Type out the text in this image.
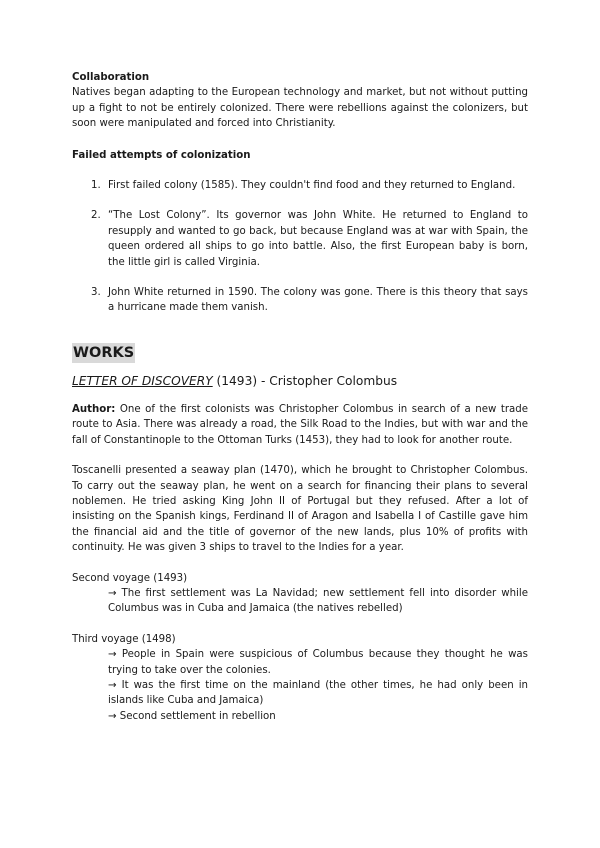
Collaboration

Natives began adapting to the European technology and market, but not without putting up a fight to not be entirely colonized. There were rebellions against the colonizers, but soon were manipulated and forced into Christianity.

Failed attempts of colonization

1. First failed colony (1585). They couldn't find food and they returned to England.
2. “The Lost Colony”. Its governor was John White. He returned to England to resupply and wanted to go back, but because England was at war with Spain, the queen ordered all ships to go into battle. Also, the first European baby is born, the little girl is called Virginia.
3. John White returned in 1590. The colony was gone. There is this theory that says a hurricane made them vanish.

WORKS

LETTER OF DISCOVERY (1493) - Cristopher Colombus

Author: One of the first colonists was Christopher Colombus in search of a new trade route to Asia. There was already a road, the Silk Road to the Indies, but with war and the fall of Constantinople to the Ottoman Turks (1453), they had to look for another route.

Toscanelli presented a seaway plan (1470), which he brought to Christopher Colombus. To carry out the seaway plan, he went on a search for financing their plans to several noblemen. He tried asking King John II of Portugal but they refused. After a lot of insisting on the Spanish kings, Ferdinand II of Aragon and Isabella I of Castille gave him the financial aid and the title of governor of the new lands, plus 10% of profits with continuity. He was given 3 ships to travel to the Indies for a year.

Second voyage (1493)

→ The first settlement was La Navidad; new settlement fell into disorder while Columbus was in Cuba and Jamaica (the natives rebelled)

Third voyage (1498)

→ People in Spain were suspicious of Columbus because they thought he was trying to take over the colonies.

→ It was the first time on the mainland (the other times, he had only been in islands like Cuba and Jamaica)

→ Second settlement in rebellion
